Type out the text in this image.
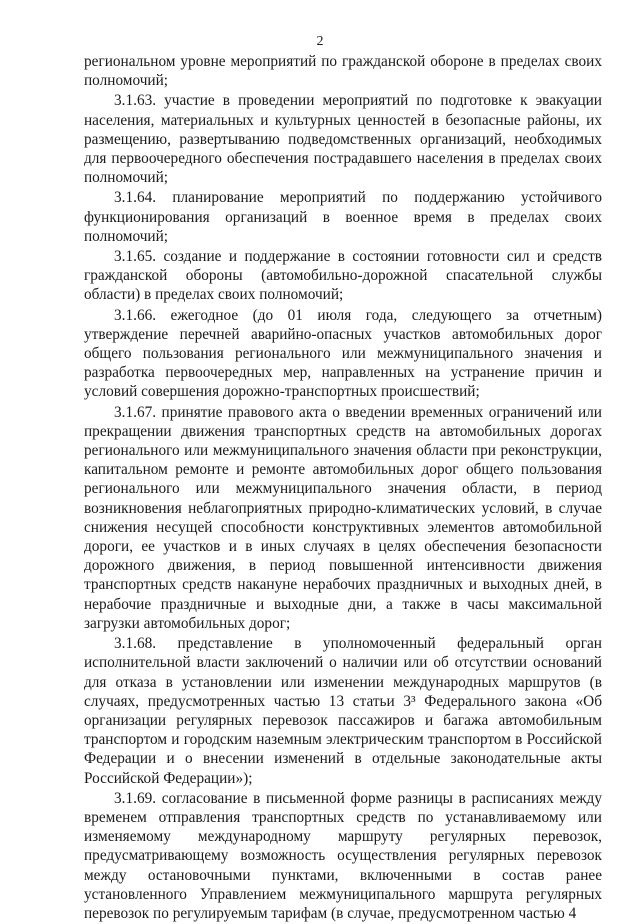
2

региональном уровне мероприятий по гражданской обороне в пределах своих полномочий;

3.1.63. участие в проведении мероприятий по подготовке к эвакуации населения, материальных и культурных ценностей в безопасные районы, их размещению, развертыванию подведомственных организаций, необходимых для первоочередного обеспечения пострадавшего населения в пределах своих полномочий;

3.1.64. планирование мероприятий по поддержанию устойчивого функционирования организаций в военное время в пределах своих полномочий;

3.1.65. создание и поддержание в состоянии готовности сил и средств гражданской обороны (автомобильно-дорожной спасательной службы области) в пределах своих полномочий;

3.1.66. ежегодное (до 01 июля года, следующего за отчетным) утверждение перечней аварийно-опасных участков автомобильных дорог общего пользования регионального или межмуниципального значения и разработка первоочередных мер, направленных на устранение причин и условий совершения дорожно-транспортных происшествий;

3.1.67. принятие правового акта о введении временных ограничений или прекращении движения транспортных средств на автомобильных дорогах регионального или межмуниципального значения области при реконструкции, капитальном ремонте и ремонте автомобильных дорог общего пользования регионального или межмуниципального значения области, в период возникновения неблагоприятных природно-климатических условий, в случае снижения несущей способности конструктивных элементов автомобильной дороги, ее участков и в иных случаях в целях обеспечения безопасности дорожного движения, в период повышенной интенсивности движения транспортных средств накануне нерабочих праздничных и выходных дней, в нерабочие праздничные и выходные дни, а также в часы максимальной загрузки автомобильных дорог;

3.1.68. представление в уполномоченный федеральный орган исполнительной власти заключений о наличии или об отсутствии оснований для отказа в установлении или изменении международных маршрутов (в случаях, предусмотренных частью 13 статьи 3³ Федерального закона «Об организации регулярных перевозок пассажиров и багажа автомобильным транспортом и городским наземным электрическим транспортом в Российской Федерации и о внесении изменений в отдельные законодательные акты Российской Федерации»);

3.1.69. согласование в письменной форме разницы в расписаниях между временем отправления транспортных средств по устанавливаемому или изменяемому международному маршруту регулярных перевозок, предусматривающему возможность осуществления регулярных перевозок между остановочными пунктами, включенными в состав ранее установленного Управлением межмуниципального маршрута регулярных перевозок по регулируемым тарифам (в случае, предусмотренном частью 4
